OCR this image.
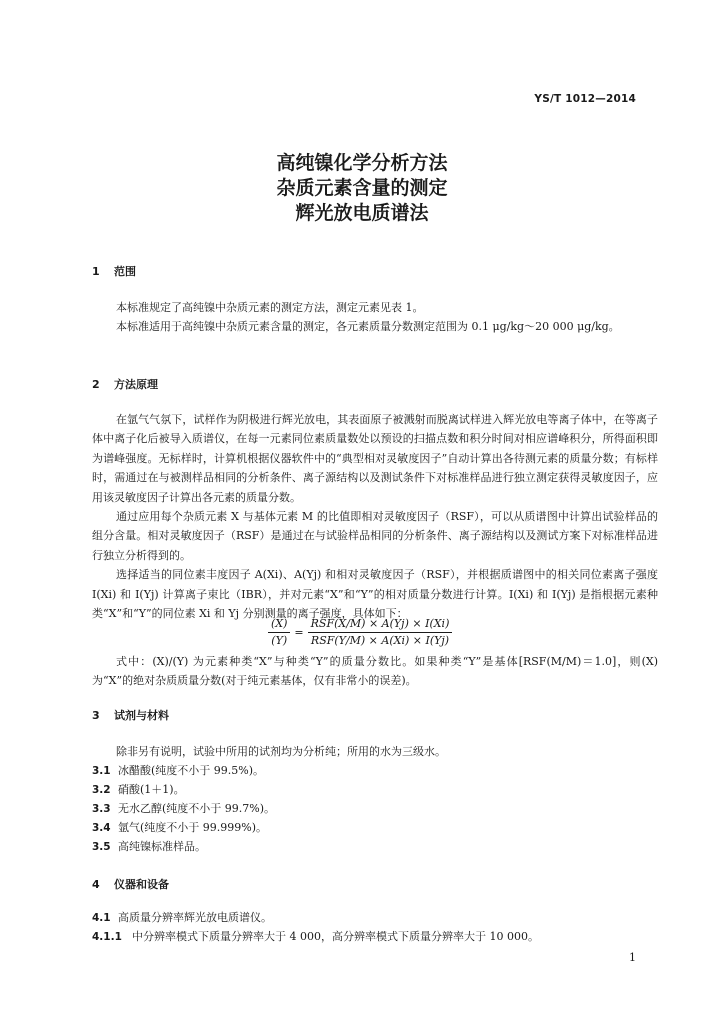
YS/T 1012—2014
高纯镍化学分析方法
杂质元素含量的测定
辉光放电质谱法
1 范围

本标准规定了高纯镍中杂质元素的测定方法，测定元素见表 1。

本标准适用于高纯镍中杂质元素含量的测定，各元素质量分数测定范围为 0.1 μg/kg～20 000 μg/kg。

2 方法原理

在氩气气氛下，试样作为阴极进行辉光放电，其表面原子被溅射而脱离试样进入辉光放电等离子体中，在等离子体中离子化后被导入质谱仪，在每一元素同位素质量数处以预设的扫描点数和积分时间对相应谱峰积分，所得面积即为谱峰强度。无标样时，计算机根据仪器软件中的“典型相对灵敏度因子”自动计算出各待测元素的质量分数；有标样时，需通过在与被测样品相同的分析条件、离子源结构以及测试条件下对标准样品进行独立测定获得灵敏度因子，应用该灵敏度因子计算出各元素的质量分数。

通过应用每个杂质元素 X 与基体元素 M 的比值即相对灵敏度因子（RSF），可以从质谱图中计算出试验样品的组分含量。相对灵敏度因子（RSF）是通过在与试验样品相同的分析条件、离子源结构以及测试方案下对标准样品进行独立分析得到的。

选择适当的同位素丰度因子 A(Xi)、A(Yj) 和相对灵敏度因子（RSF），并根据质谱图中的相关同位素离子强度 I(Xi) 和 I(Yj) 计算离子束比（IBR），并对元素“X”和“Y”的相对质量分数进行计算。I(Xi) 和 I(Yj) 是指根据元素种类“X”和“Y”的同位素 Xi 和 Yj 分别测量的离子强度，具体如下：

$\frac{(X)}{(Y)} = \frac{\text{RSF(X/M) × A(Yj) × I(Xi)}}{\text{RSF(Y/M) × A(Xi) × I(Yj)}}$

式中：(X)/(Y) 为元素种类“X”与种类“Y”的质量分数比。如果种类“Y”是基体[RSF(M/M)＝1.0]，则(X)为“X”的绝对杂质质量分数(对于纯元素基体，仅有非常小的误差)。

3 试剂与材料

除非另有说明，试验中所用的试剂均为分析纯；所用的水为三级水。

3.1 冰醋酸(纯度不小于 99.5%)。
3.2 硝酸(1＋1)。
3.3 无水乙醇(纯度不小于 99.7%)。
3.4 氩气(纯度不小于 99.999%)。
3.5 高纯镍标准样品。
4 仪器和设备
4.1 高质量分辨率辉光放电质谱仪。
4.1.1 中分辨率模式下质量分辨率大于 4 000，高分辨率模式下质量分辨率大于 10 000。
1
